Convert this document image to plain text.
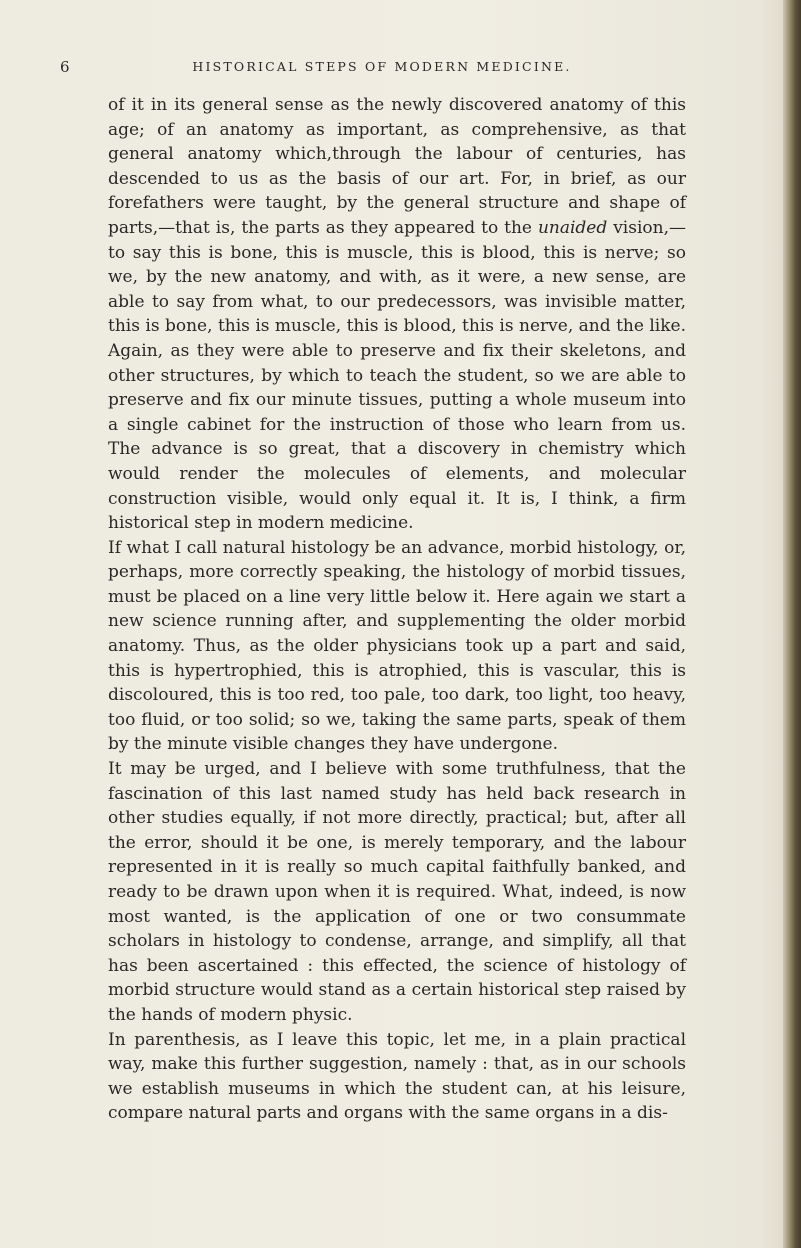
6	HISTORICAL STEPS OF MODERN MEDICINE.

of it in its general sense as the newly discovered anatomy of this age; of an anatomy as important, as comprehensive, as that general anatomy which,through the labour of centuries, has descended to us as the basis of our art. For, in brief, as our forefathers were taught, by the general structure and shape of parts,—that is, the parts as they appeared to the unaided vision,—to say this is bone, this is muscle, this is blood, this is nerve; so we, by the new anatomy, and with, as it were, a new sense, are able to say from what, to our predecessors, was invisible matter, this is bone, this is muscle, this is blood, this is nerve, and the like. Again, as they were able to preserve and fix their skeletons, and other structures, by which to teach the student, so we are able to preserve and fix our minute tissues, putting a whole museum into a single cabinet for the instruction of those who learn from us. The advance is so great, that a discovery in chemistry which would render the molecules of elements, and molecular construction visible, would only equal it. It is, I think, a firm historical step in modern medicine.

If what I call natural histology be an advance, morbid histology, or, perhaps, more correctly speaking, the histology of morbid tissues, must be placed on a line very little below it. Here again we start a new science running after, and supplementing the older morbid anatomy. Thus, as the older physicians took up a part and said, this is hypertrophied, this is atrophied, this is vascular, this is discoloured, this is too red, too pale, too dark, too light, too heavy, too fluid, or too solid; so we, taking the same parts, speak of them by the minute visible changes they have undergone.

It may be urged, and I believe with some truthfulness, that the fascination of this last named study has held back research in other studies equally, if not more directly, practical; but, after all the error, should it be one, is merely temporary, and the labour represented in it is really so much capital faithfully banked, and ready to be drawn upon when it is required. What, indeed, is now most wanted, is the application of one or two consummate scholars in histology to condense, arrange, and simplify, all that has been ascertained : this effected, the science of histology of morbid structure would stand as a certain historical step raised by the hands of modern physic.

In parenthesis, as I leave this topic, let me, in a plain practical way, make this further suggestion, namely : that, as in our schools we establish museums in which the student can, at his leisure, compare natural parts and organs with the same organs in a dis-
